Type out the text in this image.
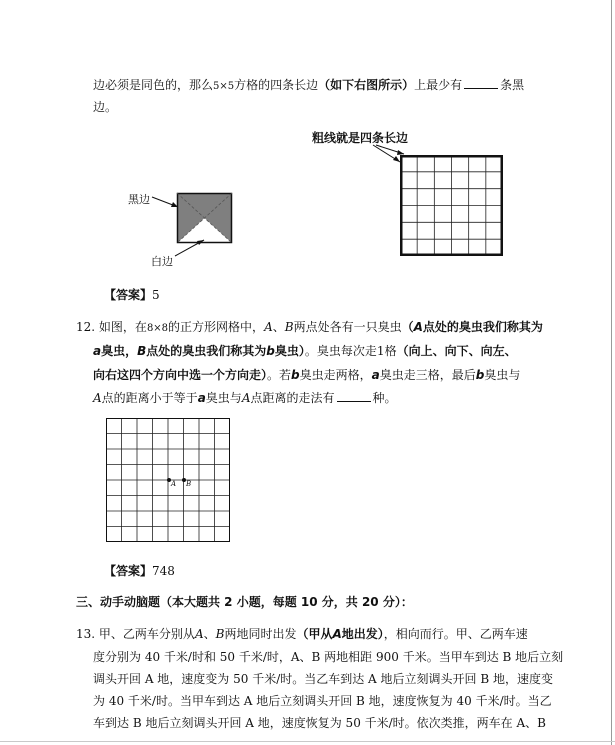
边必须是同色的，那么5×5方格的四条长边（如下右图所示）上最少有	条黑
边。
粗线就是四条长边
黑边
白边
【答案】5
12. 如图，在8×8的正方形网格中，A、B两点处各有一只臭虫（A点处的臭虫我们称其为
a臭虫，B点处的臭虫我们称其为b臭虫）。臭虫每次走1格（向上、向下、向左、
向右这四个方向中选一个方向走）。若b臭虫走两格，a臭虫走三格，最后b臭虫与
A点的距离小于等于a臭虫与A点距离的走法有	种。
A B
【答案】748
三、动手动脑题（本大题共 2 小题，每题 10 分，共 20 分）：
13. 甲、乙两车分别从A、B两地同时出发（甲从A地出发），相向而行。甲、乙两车速
度分别为 40 千米/时和 50 千米/时，A、B 两地相距 900 千米。当甲车到达 B 地后立刻
调头开回 A 地，速度变为 50 千米/时。当乙车到达 A 地后立刻调头开回 B 地，速度变
为 40 千米/时。当甲车到达 A 地后立刻调头开回 B 地，速度恢复为 40 千米/时。当乙
车到达 B 地后立刻调头开回 A 地，速度恢复为 50 千米/时。依次类推，两车在 A、B
